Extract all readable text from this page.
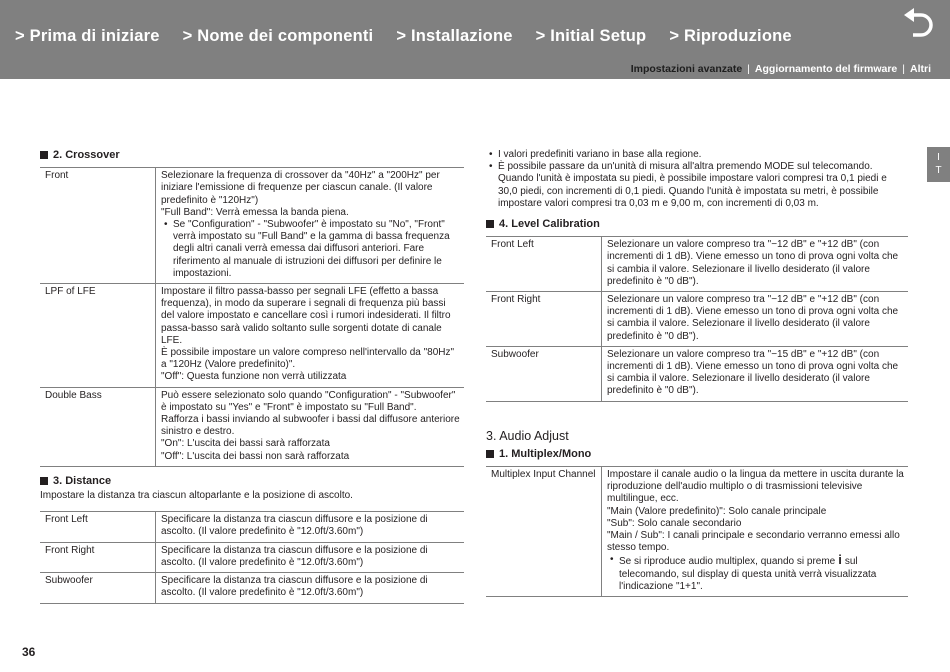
> Prima di iniziare > Nome dei componenti > Installazione > Initial Setup > Riproduzione
Impostazioni avanzate | Aggiornamento del firmware | Altri
I
T
2. Crossover
Front	Selezionare la frequenza di crossover da "40Hz" a "200Hz" per iniziare l'emissione di frequenze per ciascun canale. (Il valore predefinito è "120Hz")
"Full Band": Verrà emessa la banda piena.
• Se "Configuration" - "Subwoofer" è impostato su "No", "Front" verrà impostato su "Full Band" e la gamma di bassa frequenza degli altri canali verrà emessa dai diffusori anteriori. Fare riferimento al manuale di istruzioni dei diffusori per definire le impostazioni.

LPF of LFE	Impostare il filtro passa-basso per segnali LFE (effetto a bassa frequenza), in modo da superare i segnali di frequenza più bassi del valore impostato e cancellare così i rumori indesiderati. Il filtro passa-basso sarà valido soltanto sulle sorgenti dotate di canale LFE.
È possibile impostare un valore compreso nell'intervallo da "80Hz" a "120Hz (Valore predefinito)".
"Off": Questa funzione non verrà utilizzata

Double Bass	Può essere selezionato solo quando "Configuration" - "Subwoofer" è impostato su "Yes" e "Front" è impostato su "Full Band".
Rafforza i bassi inviando al subwoofer i bassi dal diffusore anteriore sinistro e destro.
"On": L'uscita dei bassi sarà rafforzata
"Off": L'uscita dei bassi non sarà rafforzata
3. Distance
Impostare la distanza tra ciascun altoparlante e la posizione di ascolto.
Front Left	Specificare la distanza tra ciascun diffusore e la posizione di ascolto. (Il valore predefinito è "12.0ft/3.60m")
Front Right	Specificare la distanza tra ciascun diffusore e la posizione di ascolto. (Il valore predefinito è "12.0ft/3.60m")
Subwoofer	Specificare la distanza tra ciascun diffusore e la posizione di ascolto. (Il valore predefinito è "12.0ft/3.60m")
• I valori predefiniti variano in base alla regione.
• È possibile passare da un'unità di misura all'altra premendo MODE sul telecomando. Quando l'unità è impostata su piedi, è possibile impostare valori compresi tra 0,1 piedi e 30,0 piedi, con incrementi di 0,1 piedi. Quando l'unità è impostata su metri, è possibile impostare valori compresi tra 0,03 m e 9,00 m, con incrementi di 0,03 m.
4. Level Calibration
Front Left	Selezionare un valore compreso tra "−12 dB" e "+12 dB" (con incrementi di 1 dB). Viene emesso un tono di prova ogni volta che si cambia il valore. Selezionare il livello desiderato (il valore predefinito è "0 dB").
Front Right	Selezionare un valore compreso tra "−12 dB" e "+12 dB" (con incrementi di 1 dB). Viene emesso un tono di prova ogni volta che si cambia il valore. Selezionare il livello desiderato (il valore predefinito è "0 dB").
Subwoofer	Selezionare un valore compreso tra "−15 dB" e "+12 dB" (con incrementi di 1 dB). Viene emesso un tono di prova ogni volta che si cambia il valore. Selezionare il livello desiderato (il valore predefinito è "0 dB").
3. Audio Adjust
1. Multiplex/Mono
Multiplex Input Channel	Impostare il canale audio o la lingua da mettere in uscita durante la riproduzione dell'audio multiplo o di trasmissioni televisive multilingue, ecc.
"Main (Valore predefinito)": Solo canale principale
"Sub": Solo canale secondario
"Main / Sub": I canali principale e secondario verranno emessi allo stesso tempo.
• Se si riproduce audio multiplex, quando si preme i sul telecomando, sul display di questa unità verrà visualizzata l'indicazione "1+1".
36
